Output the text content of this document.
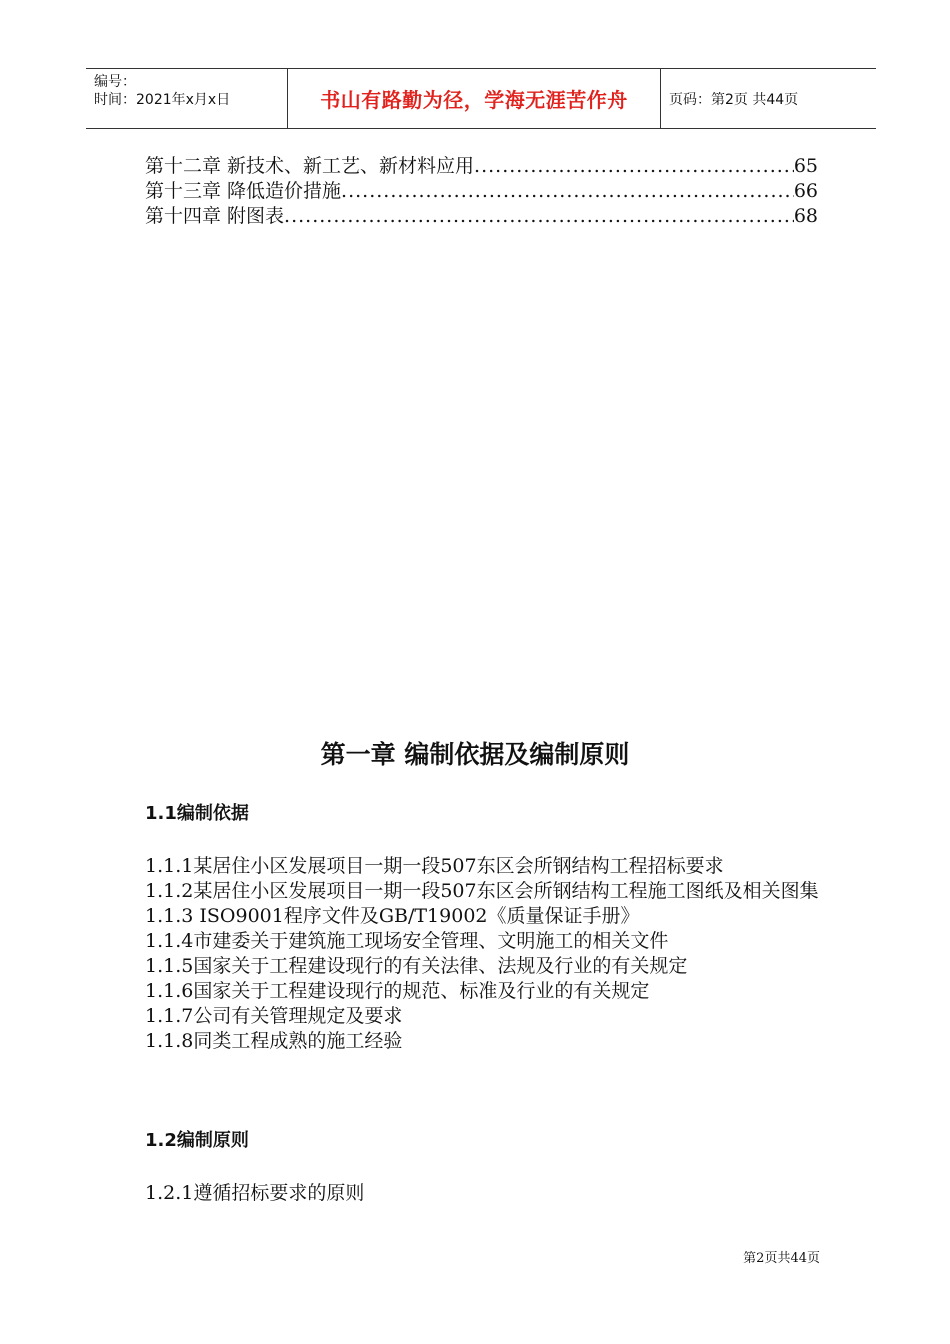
编号：
时间：2021年x月x日	书山有路勤为径，学海无涯苦作舟	页码：第2页 共44页
第十二章 新技术、新工艺、新材料应用 .....	65
第十三章 降低造价措施 .....	66
第十四章 附图表 .....	68
第一章 编制依据及编制原则
1.1编制依据

1.1.1某居住小区发展项目一期一段507东区会所钢结构工程招标要求

1.1.2某居住小区发展项目一期一段507东区会所钢结构工程施工图纸及相关图集

1.1.3 ISO9001程序文件及GB/T19002《质量保证手册》

1.1.4市建委关于建筑施工现场安全管理、文明施工的相关文件

1.1.5国家关于工程建设现行的有关法律、法规及行业的有关规定

1.1.6国家关于工程建设现行的规范、标准及行业的有关规定

1.1.7公司有关管理规定及要求

1.1.8同类工程成熟的施工经验

1.2编制原则

1.2.1遵循招标要求的原则

第2页共44页
